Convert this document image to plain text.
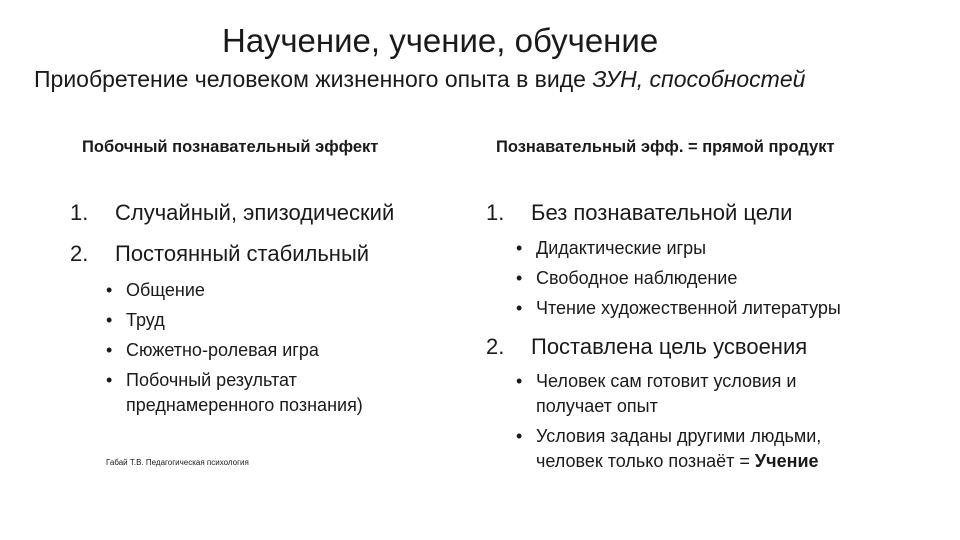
Научение, учение, обучение
Приобретение человеком жизненного опыта в виде ЗУН, способностей
Побочный познавательный эффект
1. Случайный, эпизодический
2. Постоянный стабильный
• Общение
• Труд
• Сюжетно-ролевая игра
• Побочный результат
преднамеренного познания)
Габай Т.В. Педагогическая психология
Познавательный эфф. = прямой продукт
1. Без познавательной цели
• Дидактические игры
• Свободное наблюдение
• Чтение художественной литературы
2. Поставлена цель усвоения
• Человек сам готовит условия и
получает опыт
• Условия заданы другими людьми,
человек только познаёт = Учение
